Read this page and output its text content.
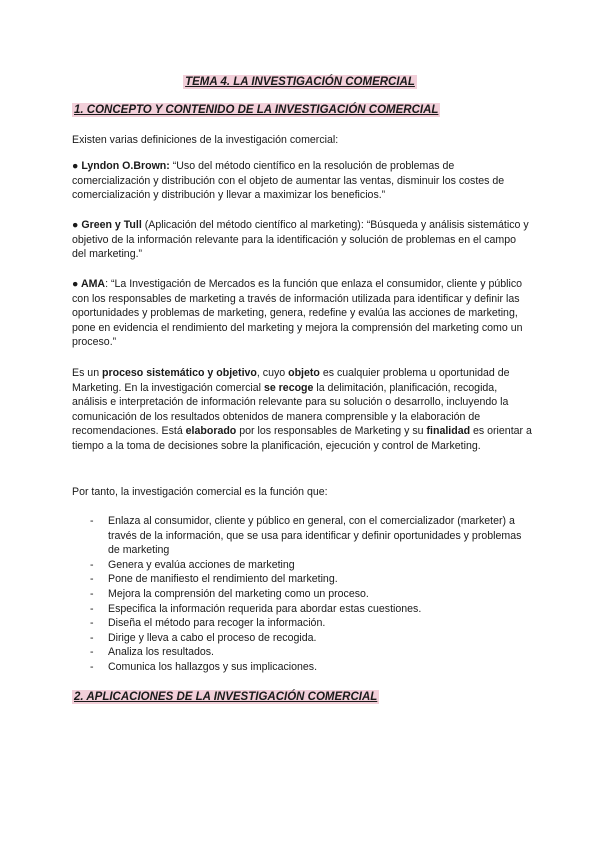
TEMA 4. LA INVESTIGACIÓN COMERCIAL
1. CONCEPTO Y CONTENIDO DE LA INVESTIGACIÓN COMERCIAL

Existen varias definiciones de la investigación comercial:

● Lyndon O.Brown: “Uso del método científico en la resolución de problemas de comercialización y distribución con el objeto de aumentar las ventas, disminuir los costes de comercialización y distribución y llevar a maximizar los beneficios.”

● Green y Tull (Aplicación del método científico al marketing): “Búsqueda y análisis sistemático y objetivo de la información relevante para la identificación y solución de problemas en el campo del marketing.”

● AMA: “La Investigación de Mercados es la función que enlaza el consumidor, cliente y público con los responsables de marketing a través de información utilizada para identificar y definir las oportunidades y problemas de marketing, genera, redefine y evalúa las acciones de marketing, pone en evidencia el rendimiento del marketing y mejora la comprensión del marketing como un proceso.”

Es un proceso sistemático y objetivo, cuyo objeto es cualquier problema u oportunidad de Marketing. En la investigación comercial se recoge la delimitación, planificación, recogida, análisis e interpretación de información relevante para su solución o desarrollo, incluyendo la comunicación de los resultados obtenidos de manera comprensible y la elaboración de recomendaciones. Está elaborado por los responsables de Marketing y su finalidad es orientar a tiempo a la toma de decisiones sobre la planificación, ejecución y control de Marketing.

Por tanto, la investigación comercial es la función que:

- Enlaza al consumidor, cliente y público en general, con el comercializador (marketer) a través de la información, que se usa para identificar y definir oportunidades y problemas de marketing
- Genera y evalúa acciones de marketing
- Pone de manifiesto el rendimiento del marketing.
- Mejora la comprensión del marketing como un proceso.
- Especifica la información requerida para abordar estas cuestiones.
- Diseña el método para recoger la información.
- Dirige y lleva a cabo el proceso de recogida.
- Analiza los resultados.
- Comunica los hallazgos y sus implicaciones.
2. APLICACIONES DE LA INVESTIGACIÓN COMERCIAL
